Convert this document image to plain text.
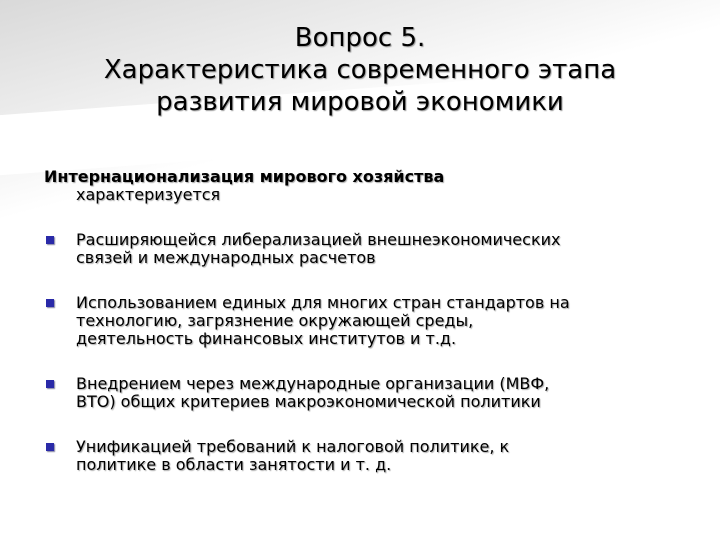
Вопрос 5.
Характеристика современного этапа
развития мировой экономики

Интернационализация мирового хозяйства
характеризуется

Расширяющейся либерализацией внешнеэкономических
связей и международных расчетов
Использованием единых для многих стран стандартов на
технологию, загрязнение окружающей среды,
деятельность финансовых институтов и т.д.
Внедрением через международные организации (МВФ,
ВТО) общих критериев макроэкономической политики
Унификацией требований к налоговой политике, к
политике в области занятости и т. д.
